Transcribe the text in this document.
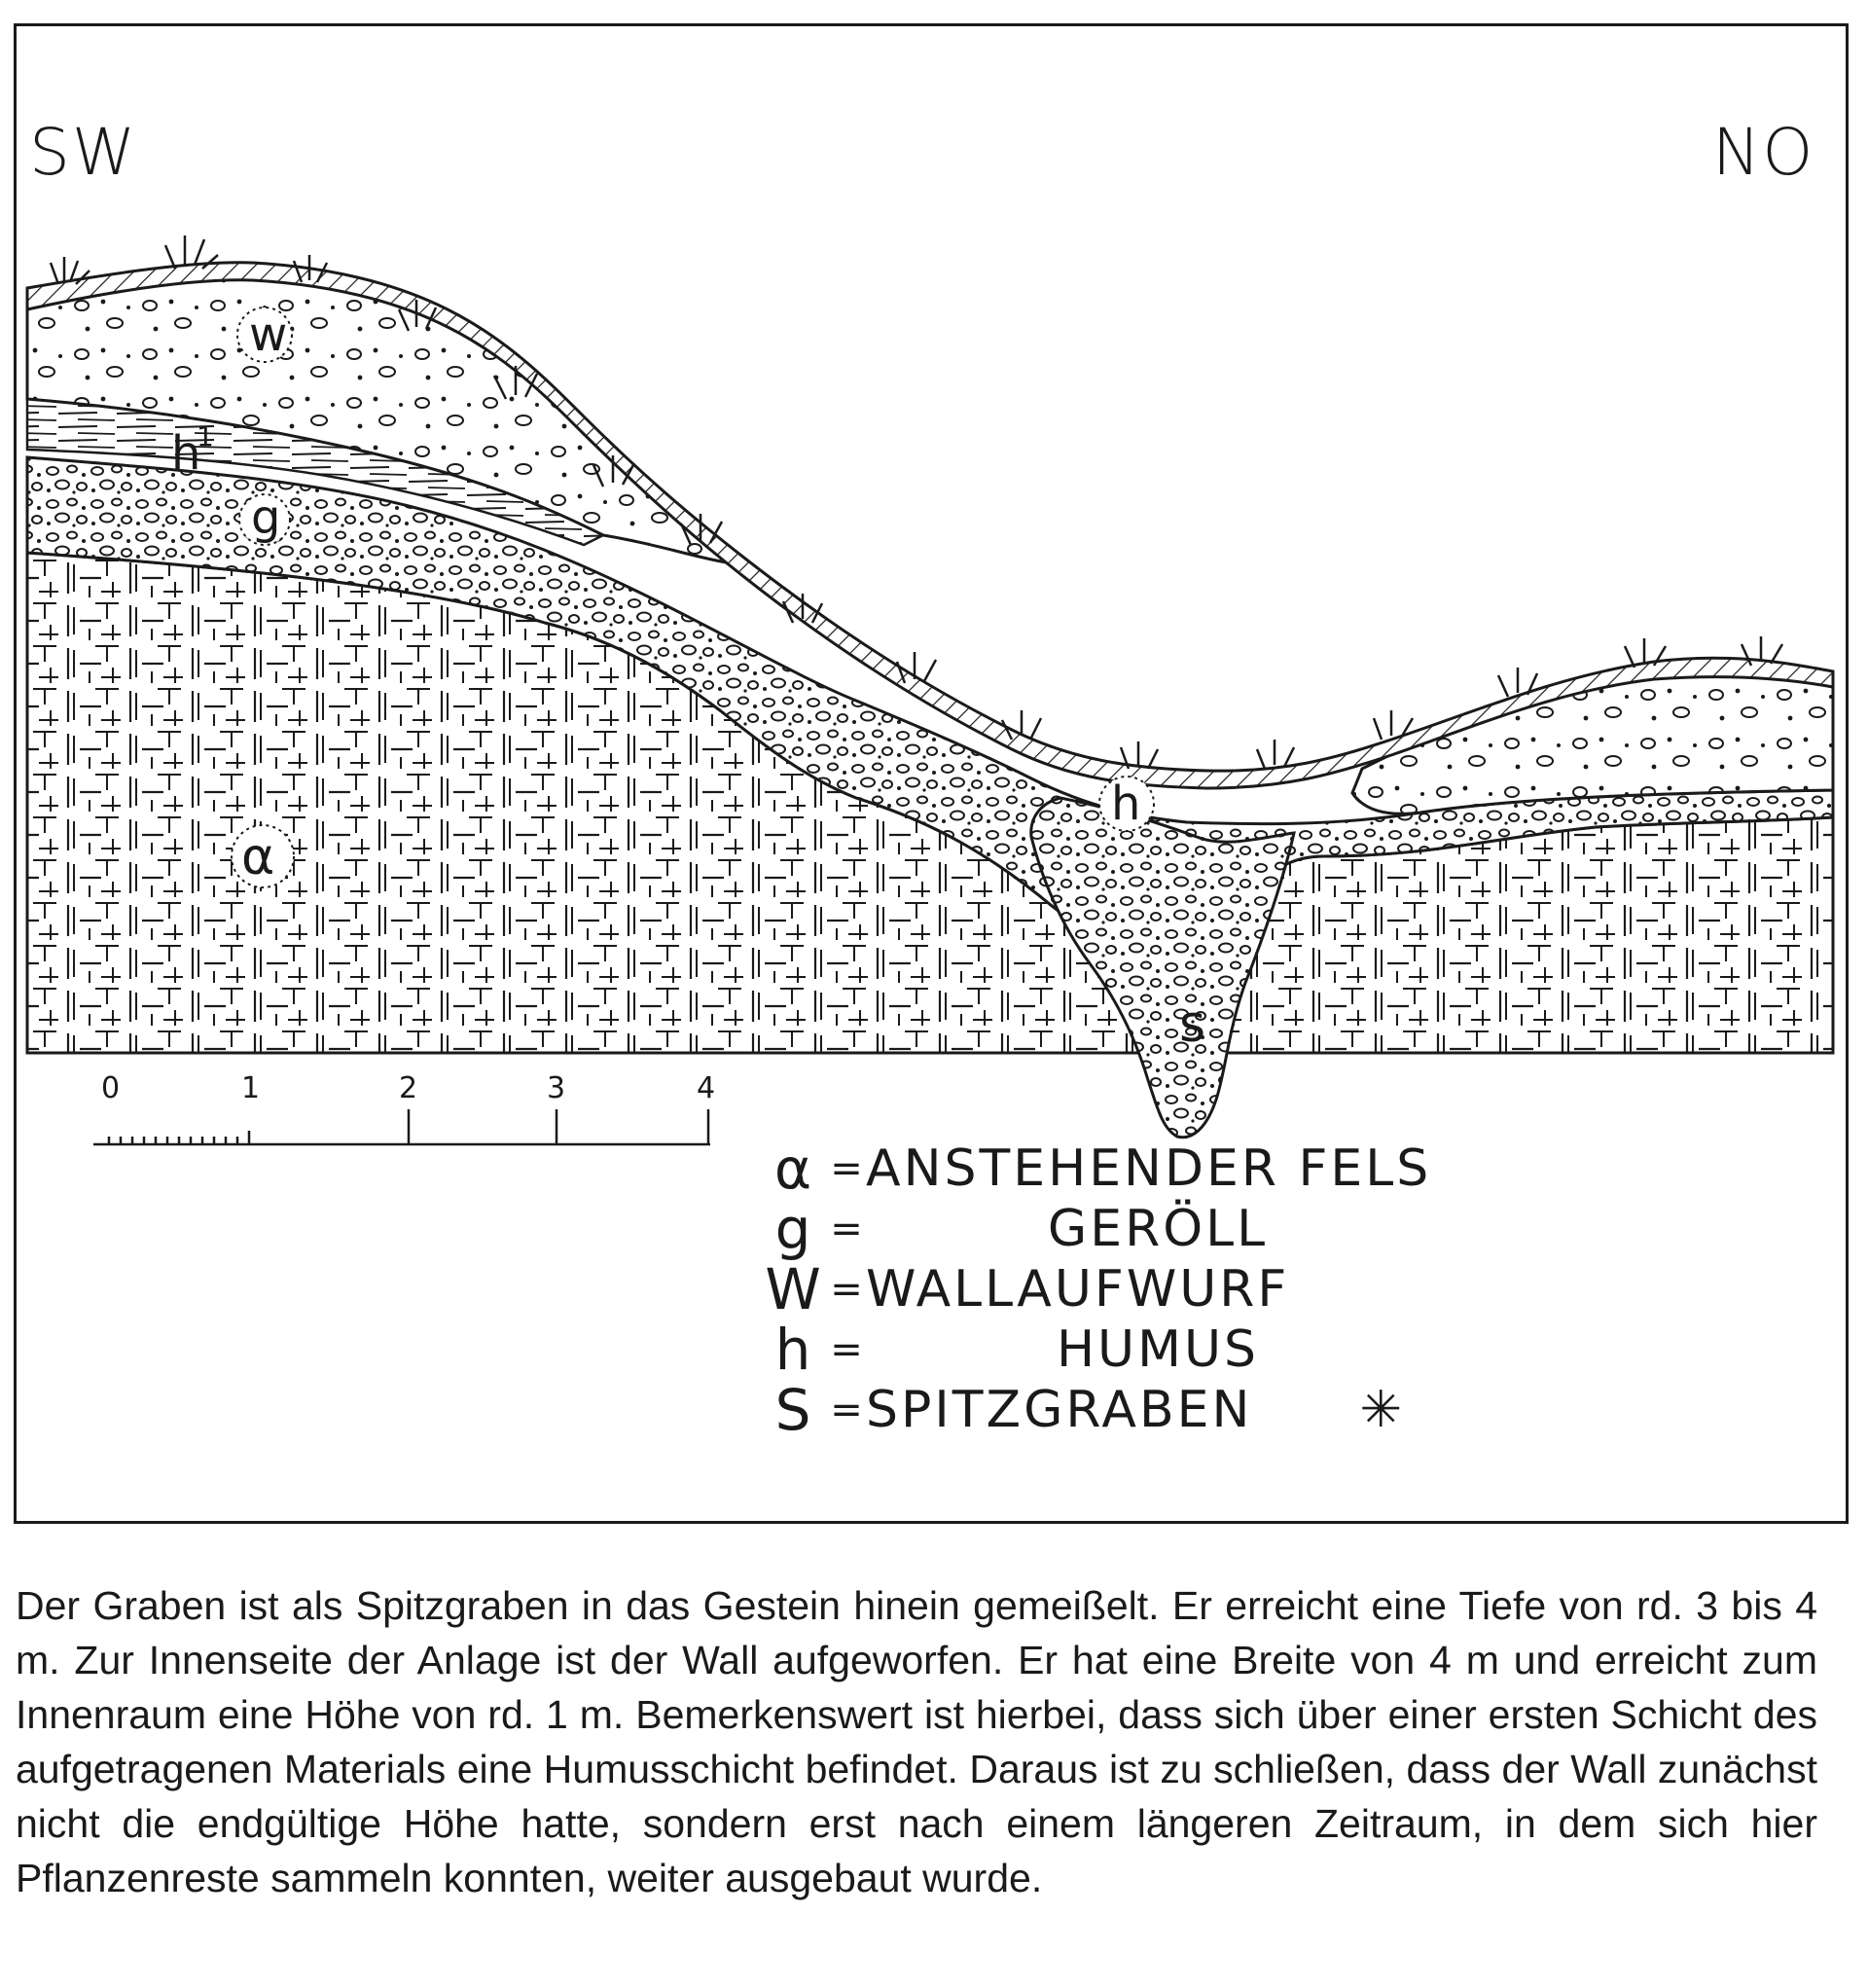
SW	NO
w
h
1
g
α
h
s
0	1	2	3	4
α = ANSTEHENDER FELS
g =	GERÖLL
W = WALLAUFWURF
h =	HUMUS
S = SPITZGRABEN ✳
Der Graben ist als Spitzgraben in das Gestein hinein gemeißelt. Er erreicht eine Tiefe von rd. 3 bis 4 m. Zur Innenseite der Anlage ist der Wall aufgeworfen. Er hat eine Breite von 4 m und erreicht zum Innenraum eine Höhe von rd. 1 m. Bemerkenswert ist hierbei, dass sich über einer ersten Schicht des aufgetragenen Materials eine Humusschicht befindet. Daraus ist zu schließen, dass der Wall zunächst nicht die endgültige Höhe hatte, sondern erst nach einem längeren Zeitraum, in dem sich hier Pflanzenreste sammeln konnten, weiter ausgebaut wurde.
